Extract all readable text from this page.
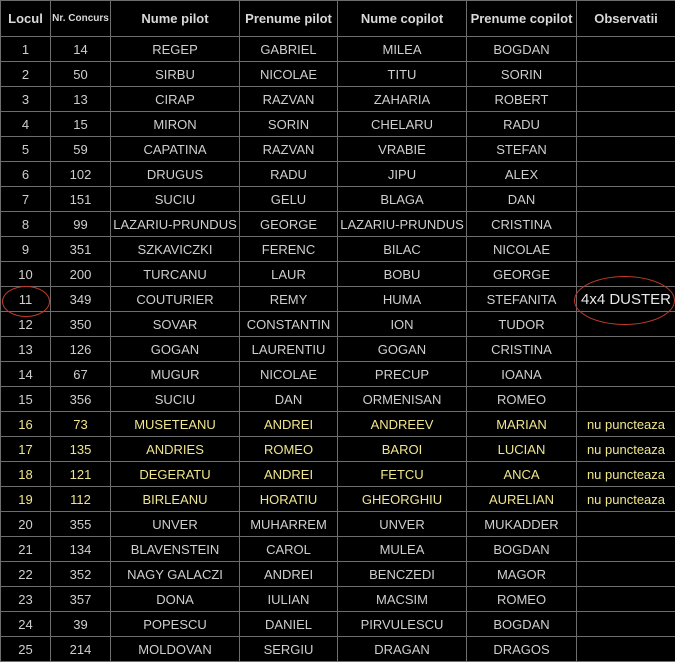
Locul	Nr. Concurs	Nume pilot	Prenume pilot	Nume copilot	Prenume copilot	Observatii
1	14	REGEP	GABRIEL	MILEA	BOGDAN	
2	50	SIRBU	NICOLAE	TITU	SORIN	
3	13	CIRAP	RAZVAN	ZAHARIA	ROBERT	
4	15	MIRON	SORIN	CHELARU	RADU	
5	59	CAPATINA	RAZVAN	VRABIE	STEFAN	
6	102	DRUGUS	RADU	JIPU	ALEX	
7	151	SUCIU	GELU	BLAGA	DAN	
8	99	LAZARIU-PRUNDUS	GEORGE	LAZARIU-PRUNDUS	CRISTINA	
9	351	SZKAVICZKI	FERENC	BILAC	NICOLAE	
10	200	TURCANU	LAUR	BOBU	GEORGE	
11	349	COUTURIER	REMY	HUMA	STEFANITA	4x4 DUSTER
12	350	SOVAR	CONSTANTIN	ION	TUDOR	
13	126	GOGAN	LAURENTIU	GOGAN	CRISTINA	
14	67	MUGUR	NICOLAE	PRECUP	IOANA	
15	356	SUCIU	DAN	ORMENISAN	ROMEO	
16	73	MUSETEANU	ANDREI	ANDREEV	MARIAN	nu puncteaza
17	135	ANDRIES	ROMEO	BAROI	LUCIAN	nu puncteaza
18	121	DEGERATU	ANDREI	FETCU	ANCA	nu puncteaza
19	112	BIRLEANU	HORATIU	GHEORGHIU	AURELIAN	nu puncteaza
20	355	UNVER	MUHARREM	UNVER	MUKADDER	
21	134	BLAVENSTEIN	CAROL	MULEA	BOGDAN	
22	352	NAGY GALACZI	ANDREI	BENCZEDI	MAGOR	
23	357	DONA	IULIAN	MACSIM	ROMEO	
24	39	POPESCU	DANIEL	PIRVULESCU	BOGDAN	
25	214	MOLDOVAN	SERGIU	DRAGAN	DRAGOS	
